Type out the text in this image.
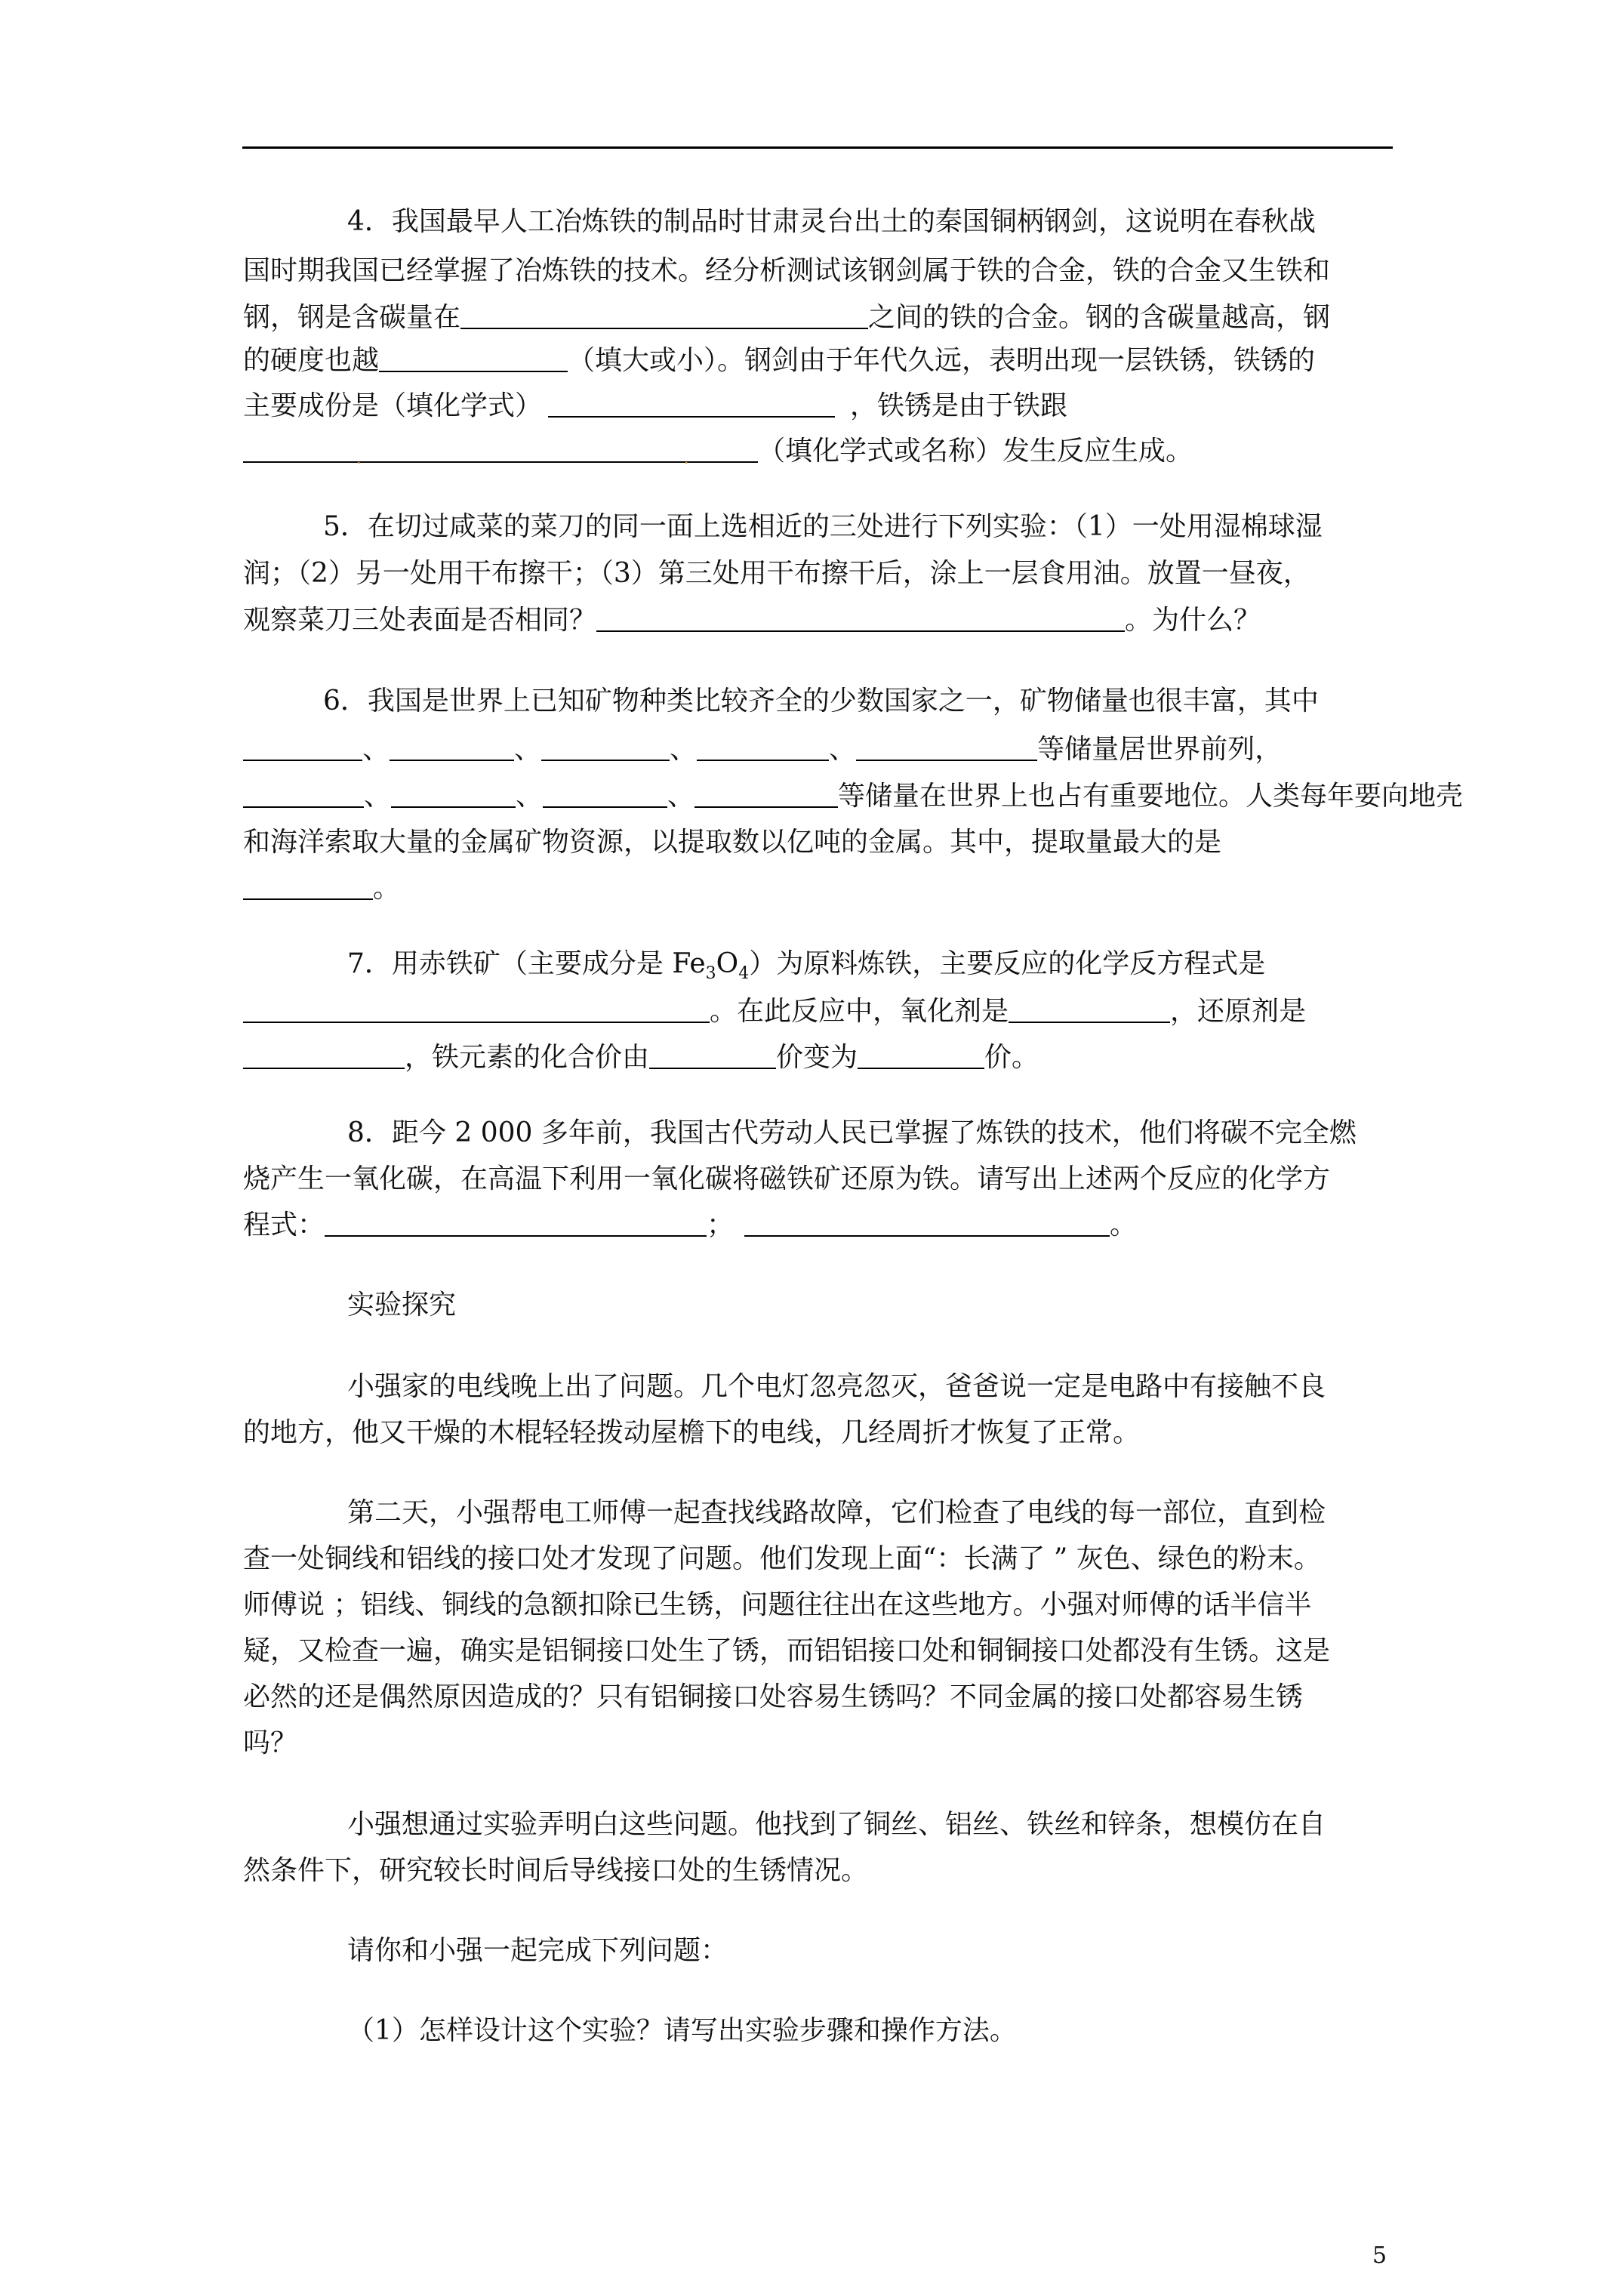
4．我国最早人工冶炼铁的制品时甘肃灵台出土的秦国铜柄钢剑，这说明在春秋战
国时期我国已经掌握了冶炼铁的技术。经分析测试该钢剑属于铁的合金，铁的合金又生铁和
钢，钢是含碳量在	之间的铁的合金。钢的含碳量越高，钢
的硬度也越	（填大或小）。钢剑由于年代久远，表明出现一层铁锈，铁锈的
主要成份是（填化学式）	，铁锈是由于铁跟
.	.	（填化学式或名称）发生反应生成。
5．在切过咸菜的菜刀的同一面上选相近的三处进行下列实验：（1）一处用湿棉球湿
润；（2）另一处用干布擦干；（3）第三处用干布擦干后，涂上一层食用油。放置一昼夜，
观察菜刀三处表面是否相同？	。为什么？
6．我国是世界上已知矿物种类比较齐全的少数国家之一，矿物储量也很丰富，其中
、	、	、	、	等储量居世界前列，
、	、	、	等储量在世界上也占有重要地位。人类每年要向地壳
和海洋索取大量的金属矿物资源，以提取数以亿吨的金属。其中，提取量最大的是
。
7．用赤铁矿（主要成分是 $Fe_3O_4$）为原料炼铁，主要反应的化学反方程式是
。在此反应中，氧化剂是	，还原剂是
，铁元素的化合价由	价变为	价。
8．距今 2 000 多年前，我国古代劳动人民已掌握了炼铁的技术，他们将碳不完全燃
烧产生一氧化碳，在高温下利用一氧化碳将磁铁矿还原为铁。请写出上述两个反应的化学方
程式：	；	。
实验探究
小强家的电线晚上出了问题。几个电灯忽亮忽灭，爸爸说一定是电路中有接触不良
的地方，他又干燥的木棍轻轻拨动屋檐下的电线，几经周折才恢复了正常。
第二天，小强帮电工师傅一起查找线路故障，它们检查了电线的每一部位，直到检
查一处铜线和铝线的接口处才发现了问题。他们发现上面“：长满了 ” 灰色、绿色的粉末。
师傅说 ；铝线、铜线的急额扣除已生锈，问题往往出在这些地方。小强对师傅的话半信半
疑，又检查一遍，确实是铝铜接口处生了锈，而铝铝接口处和铜铜接口处都没有生锈。这是
必然的还是偶然原因造成的？只有铝铜接口处容易生锈吗？不同金属的接口处都容易生锈
吗？
小强想通过实验弄明白这些问题。他找到了铜丝、铝丝、铁丝和锌条，想模仿在自
然条件下，研究较长时间后导线接口处的生锈情况。
请你和小强一起完成下列问题：
（1）怎样设计这个实验？请写出实验步骤和操作方法。
5
